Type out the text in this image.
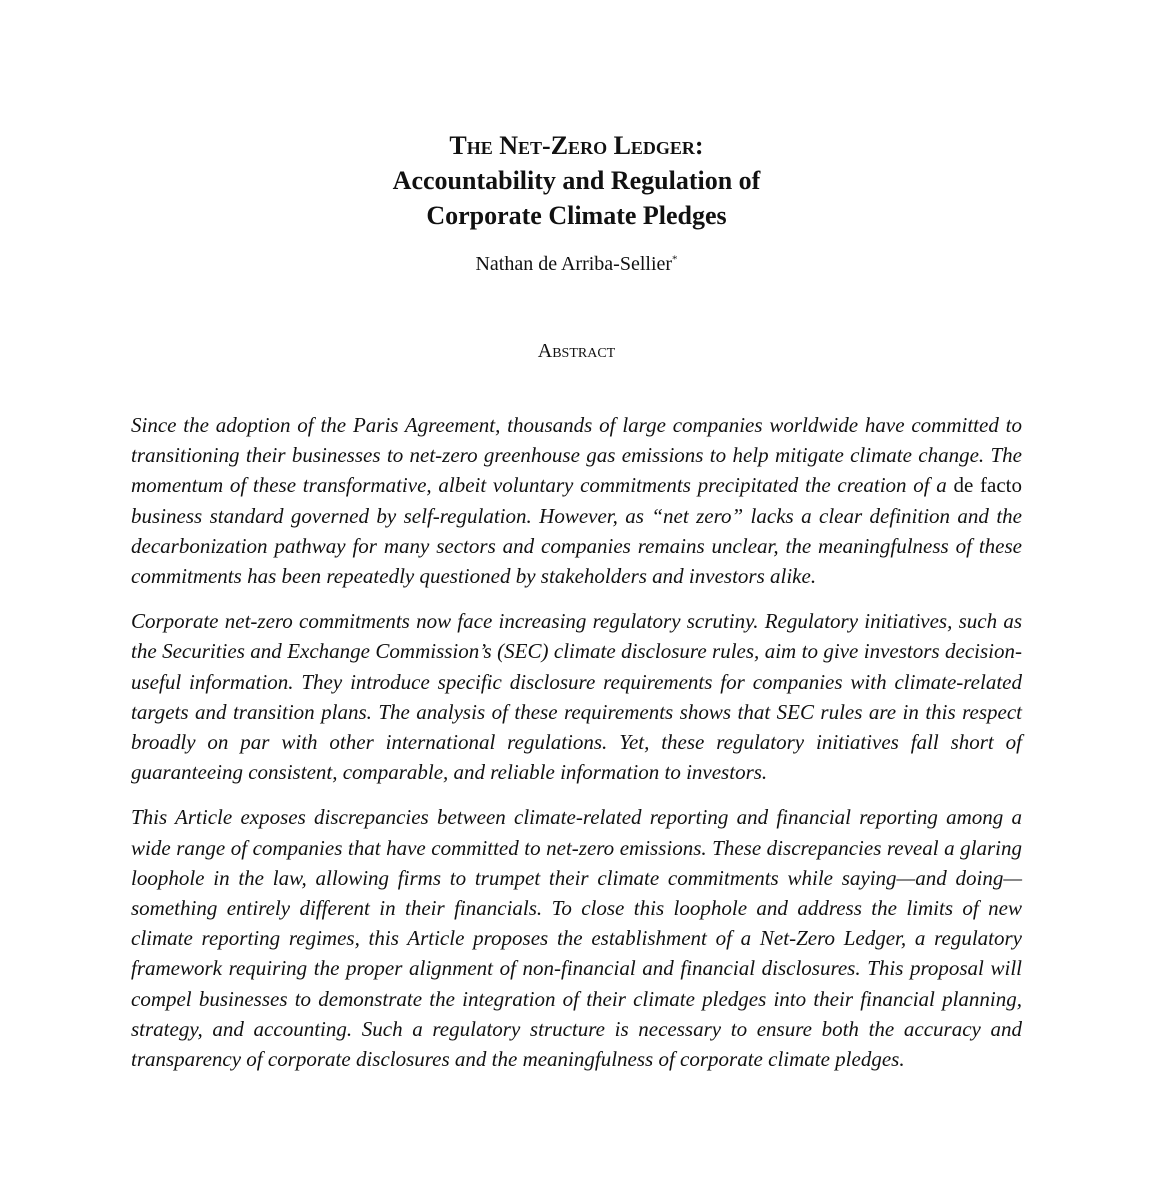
The Net-Zero Ledger:

Accountability and Regulation of

Corporate Climate Pledges

Nathan de Arriba-Sellier*
Abstract

Since the adoption of the Paris Agreement, thousands of large companies worldwide have committed to transitioning their businesses to net-zero greenhouse gas emissions to help mitigate climate change. The momentum of these transformative, albeit voluntary commitments precipitated the creation of a de facto business standard governed by self-regulation. However, as “net zero” lacks a clear definition and the decarbonization pathway for many sectors and companies remains unclear, the meaningfulness of these commitments has been repeatedly questioned by stakeholders and investors alike.

Corporate net-zero commitments now face increasing regulatory scrutiny. Regulatory initiatives, such as the Securities and Exchange Commission’s (SEC) climate disclosure rules, aim to give investors decision-useful information. They introduce specific disclosure requirements for companies with climate-related targets and transition plans. The analysis of these requirements shows that SEC rules are in this respect broadly on par with other international regulations. Yet, these regulatory initiatives fall short of guaranteeing consistent, comparable, and reliable information to investors.

This Article exposes discrepancies between climate-related reporting and financial reporting among a wide range of companies that have committed to net-zero emissions. These discrepancies reveal a glaring loophole in the law, allowing firms to trumpet their climate commitments while saying—and doing—something entirely different in their financials. To close this loophole and address the limits of new climate reporting regimes, this Article proposes the establishment of a Net-Zero Ledger, a regulatory framework requiring the proper alignment of non-financial and financial disclosures. This proposal will compel businesses to demonstrate the integration of their climate pledges into their financial planning, strategy, and accounting. Such a regulatory structure is necessary to ensure both the accuracy and transparency of corporate disclosures and the meaningfulness of corporate climate pledges.
